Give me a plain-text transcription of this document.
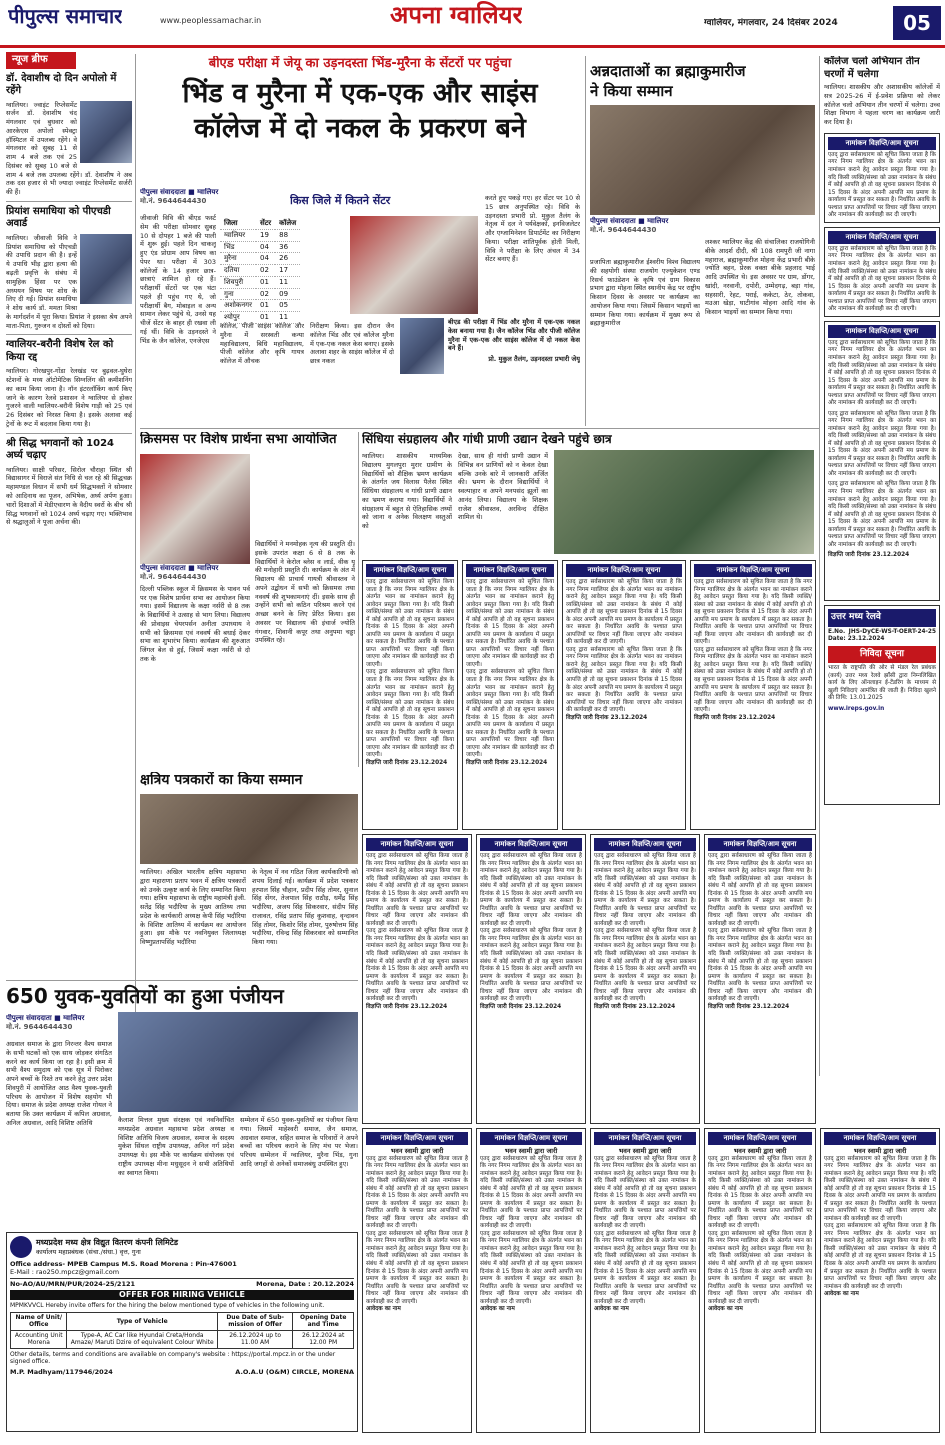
पीपुल्स समाचार	www.peoplessamachar.in	अपना ग्वालियर	ग्वालियर, मंगलवार, 24 दिसंबर 2024	05
न्यूज ब्रीफ
डॉ. देवाशीष दो दिन अपोलो में रहेंगे
ग्वालियर। ज्वाइंट रिप्लेसमेंट सर्जन डॉ. देवाशीष चंद मंगलवार एवं बुधवार को आरकेएस अपोलो स्पेक्ट्रा हॉस्पिटल में उपलब्ध रहेंगे। वे मंगलवार को सुबह 11 से शाम 4 बजे तक एवं 25 दिसंबर को सुबह 10 बजे से शाम 4 बजे तक उपलब्ध रहेंगे। डॉ. देवाशीष ने अब तक दस हजार से भी ज्यादा ज्वाइंट रिप्लेसमेंट सर्जरी की हैं।
प्रियांश समाधिया को पीएचडी अवार्ड
ग्वालियर। जीवाजी विवि ने प्रियांश समाधिया को पीएचडी की उपाधि प्रदान की है। इन्हें ये उपाधि भीड़ द्वारा हत्या की बढ़ती प्रवृत्ति के संबंध में सामुहिक हिंसा पर एक अध्ययन विषय पर शोध के लिए दी गई। प्रियांश समाधिया ने शोध कार्य डॉ. ममता मिश्रा के मार्गदर्शन में पूरा किया। प्रियांश ने इसका श्रेय अपने माता-पिता, गुरुजन व दोस्तों को दिया।
ग्वालियर-बरौनी विशेष रेल को किया रद्द
ग्वालियर। गोरखपुर-गोंडा रेलखंड पर बुढ़वल-घुघेरा स्टेशनों के मध्य ऑटोमेटिक सिग्नलिंग की कमीशनिंग का काम किया जाना है। नॉन इंटरलॉकिंग कार्य किए जाने के कारण रेलवे प्रशासन ने ग्वालियर से होकर गुजरने वाली ग्वालियर-बरौनी विशेष गाड़ी को 25 एवं 26 दिसंबर को निरस्त किया है। इसके अलावा कई ट्रेनों के रूट में बदलाव किया गया है।
श्री सिद्ध भगवानों को 1024 अर्घ्य चढ़ाए
ग्वालियर। साक्षी परिसर, सिरोल चौराहा स्थित श्री विद्यासागर में विराजे संत निधि से चल रहे श्री सिद्धचक्र महामण्डल विधान में सभी धर्म सिद्धभक्तों ने सोमवार को आदिनाथ का पूजन, अभिषेक, अर्घ्य अर्पण हुआ। चारों दिशाओं में मेडीएचारण के वैदीय स्वरों के बीच श्री सिद्ध भगवानों को 1024 अर्घ्य चढ़ाए गए। भक्तिभाव से श्रद्धालुओं ने पूजा अर्चना की।
बीएड परीक्षा में जेयू का उड़नदस्ता भिंड-मुरैना के सेंटरों पर पहुंचा
भिंड व मुरैना में एक-एक और साइंस
कॉलेज में दो नकल के प्रकरण बने
पीपुल्स संवाददाता ■ ग्वालियर
मो.नं. 9644644430	किस जिले में कितने सेंटर
जिला	सेंटर	कॉलेज
ग्वालियर	19	88
भिंड	04	36
मुरैना	04	26
दतिया	02	17
शिवपुरी	01	11
गुना	02	09
अशोकनगर	01	05
श्योपुर	01	11
जीवाजी विवि की बीएड फर्स्ट सेम की परीक्षा सोमवार सुबह 10 से दोपहर 1 बजे की पाली में शुरू हुई। पहले दिन चाकलू हुए एंड प्रोग्राम आप विषय का पेपर था। परीक्षा में 303 कॉलेजों के 14 हजार छात्र-छात्राएं शामिल हो रहे हैं। परीक्षार्थी सेंटरों पर एक घंटा पहले ही पहुंच गए थे, जो परीक्षार्थी बैग, मोबाइल व अन्य सामान लेकर पहुंचे थे, उनसे यह चीजें सेंटर के बाहर ही रखवा ली गई थीं। विवि के उड़नदस्ते ने भिंड के जैन कॉलेज, एनजेएस
कॉलेज, पीजी साइंस कॉलेज और मुरैना में सरस्वती कन्या महाविद्यालय, बिधि महाविद्यालय, पीजी कॉलेज और कृषि गायत्र कॉलेज में औचक
निरीक्षण किया। इस दौरान जैन कॉलेज भिंड और एवं कॉलेज मुरैना में एक-एक नकल केस बनाए। इसके अलावा शहर के साइंस कॉलेज में दो छात्र नकल
करते हुए पकड़े गए। हर सेंटर पर 10 से 15 छात्र अनुपस्थित रहे। विवि के उड़नदस्ता प्रभारी प्रो. मुकुल तैलंग के नेतृत्व में दल ने पर्यवेक्षकों, इनविजलेटर और एग्जामिनेशन डिपार्टमेंट का निरीक्षण किया। परीक्षा शांतिपूर्वक होती मिली, विवि ने परीक्षा के लिए अंचल में 34 सेंटर बनाए हैं।
बीएड की परीक्षा में भिंड और मुरैना में एक-एक नकल केस बनाया गया है। जैन कॉलेज भिंड और पीजी कॉलेज मुरैना में एक-एक और साइंस कॉलेज में दो नकल केस बने हैं।
प्रो. मुकुल तैलंग, उड़नदस्ता प्रभारी जेयू
अन्नदाताओं का ब्रह्माकुमारीज
ने किया सम्मान
पीपुल्स संवाददाता ■ ग्वालियर
मो.नं. 9644644430
प्रजापिता ब्रह्माकुमारीज ईश्वरीय विश्व विद्यालय की सहयोगी संस्था राजयोग एज्युकेशन एण्ड रिसर्च फाउंडेशन के कृषि एवं ग्राम विकास प्रभाग द्वारा मोहना स्थित स्थानीय केंद्र पर राष्ट्रीय किसान दिवस के अवसर पर कार्यक्रम का आयोजन किया गया। जिसमें किसान भाइयों का सम्मान किया गया। कार्यक्रम में मुख्य रूप से ब्रह्माकुमारीज
लश्कर ग्वालियर केंद्र की संचालिका राजयोगिनी बीके आदर्श दीदी, श्री 108 रामपुरी जी नागा महाराज, ब्रह्माकुमारीज मोहना केंद्र प्रभारी बीके ज्योति बहन, प्रेरक वक्ता बीके प्रहलाद भाई आदि उपस्थित थे। इस अवसर पर ग्राम, डोंगर, खांदी, नरवानी, दपोरी, उम्मेदगढ़, बड़ा गांव, सहसारी, रेहट, पराई, ककेटा, ठेर, तोकवा, मउआ खेड़ा, घाटीगांव मोहना आदि गांव के किसान भाइयों का सम्मान किया गया।
कॉलेज चलो अभियान तीन चरणों में चलेगा
ग्वालियर। शासकीय और अशासकीय कॉलेजों में सत्र 2025-26 में ई-प्रवेश प्रक्रिया को लेकर कॉलेज चलो अभियान तीन चरणों में चलेगा। उच्च शिक्षा विभाग ने पहला चरण का कार्यक्रम जारी कर दिया है।
नामांकन विज्ञप्ति/आम सूचना
एतद् द्वारा सर्वसाधारण को सूचित किया जाता है कि नगर निगम ग्वालियर क्षेत्र के अंतर्गत भवन का नामांकन कराने हेतु आवेदन प्रस्तुत किया गया है। यदि किसी व्यक्ति/संस्था को उक्त नामांकन के संबंध में कोई आपत्ति हो तो वह सूचना प्रकाशन दिनांक से 15 दिवस के अंदर अपनी आपत्ति मय प्रमाण के कार्यालय में प्रस्तुत कर सकता है। निर्धारित अवधि के पश्चात प्राप्त आपत्तियों पर विचार नहीं किया जाएगा और नामांकन की कार्यवाही कर दी जाएगी।
नामांकन विज्ञप्ति/आम सूचना
एतद् द्वारा सर्वसाधारण को सूचित किया जाता है कि नगर निगम ग्वालियर क्षेत्र के अंतर्गत भवन का नामांकन कराने हेतु आवेदन प्रस्तुत किया गया है। यदि किसी व्यक्ति/संस्था को उक्त नामांकन के संबंध में कोई आपत्ति हो तो वह सूचना प्रकाशन दिनांक से 15 दिवस के अंदर अपनी आपत्ति मय प्रमाण के कार्यालय में प्रस्तुत कर सकता है। निर्धारित अवधि के पश्चात प्राप्त आपत्तियों पर विचार नहीं किया जाएगा और नामांकन की कार्यवाही कर दी जाएगी।
नामांकन विज्ञप्ति/आम सूचना
एतद् द्वारा सर्वसाधारण को सूचित किया जाता है कि नगर निगम ग्वालियर क्षेत्र के अंतर्गत भवन का नामांकन कराने हेतु आवेदन प्रस्तुत किया गया है। यदि किसी व्यक्ति/संस्था को उक्त नामांकन के संबंध में कोई आपत्ति हो तो वह सूचना प्रकाशन दिनांक से 15 दिवस के अंदर अपनी आपत्ति मय प्रमाण के कार्यालय में प्रस्तुत कर सकता है। निर्धारित अवधि के पश्चात प्राप्त आपत्तियों पर विचार नहीं किया जाएगा और नामांकन की कार्यवाही कर दी जाएगी।
एतद् द्वारा सर्वसाधारण को सूचित किया जाता है कि नगर निगम ग्वालियर क्षेत्र के अंतर्गत भवन का नामांकन कराने हेतु आवेदन प्रस्तुत किया गया है। यदि किसी व्यक्ति/संस्था को उक्त नामांकन के संबंध में कोई आपत्ति हो तो वह सूचना प्रकाशन दिनांक से 15 दिवस के अंदर अपनी आपत्ति मय प्रमाण के कार्यालय में प्रस्तुत कर सकता है। निर्धारित अवधि के पश्चात प्राप्त आपत्तियों पर विचार नहीं किया जाएगा और नामांकन की कार्यवाही कर दी जाएगी।
एतद् द्वारा सर्वसाधारण को सूचित किया जाता है कि नगर निगम ग्वालियर क्षेत्र के अंतर्गत भवन का नामांकन कराने हेतु आवेदन प्रस्तुत किया गया है। यदि किसी व्यक्ति/संस्था को उक्त नामांकन के संबंध में कोई आपत्ति हो तो वह सूचना प्रकाशन दिनांक से 15 दिवस के अंदर अपनी आपत्ति मय प्रमाण के कार्यालय में प्रस्तुत कर सकता है। निर्धारित अवधि के पश्चात प्राप्त आपत्तियों पर विचार नहीं किया जाएगा और नामांकन की कार्यवाही कर दी जाएगी।
विज्ञप्ति जारी दिनांक 23.12.2024
उत्तर मध्य रेलवे
E.No. JHS-DyCE-WS-T-OERT-24-25 Date: 23.12.2024
निविदा सूचना
भारत के राष्ट्रपति की ओर से मंडल रेल प्रबंधक (कार्य) उत्तर मध्य रेलवे झाँसी द्वारा निम्नलिखित कार्य के लिए ऑनलाइन ई-टेंडरिंग के माध्यम से खुली निविदाएं आमंत्रित की जाती हैं। निविदा खुलने की तिथि: 13.01.2025
www.ireps.gov.in
क्रिसमस पर विशेष प्रार्थना सभा आयोजित
पीपुल्स संवाददाता ■ ग्वालियर
मो.नं. 9644644430
दिल्ली पब्लिक स्कूल में क्रिसमस के पावन पर्व पर एक विशेष प्रार्थना सभा का आयोजन किया गया। इसमें विद्यालय के कक्षा नर्सरी से 8 तक के विद्यार्थियों ने उत्साह से भाग लिया। विद्यालय की प्रोवाइस चेयरपर्सन अनीता उपाध्याय ने सभी को क्रिसमस एवं नववर्ष की बधाई देकर सभा का शुभारंभ किया। कार्यक्रम की शुरुआत जिंगल बेल से हुई, जिसमें कक्षा नर्सरी से दो तक के
विद्यार्थियों ने मनमोहक नृत्य की प्रस्तुति दी। इसके उपरांत कक्षा 6 से 8 तक के विद्यार्थियों ने केरोल ब्लेस व लार्ड, वीक यू की मनोहारी प्रस्तुति दी। कार्यक्रम के अंत में विद्यालय की प्राचार्य गायत्री श्रीवास्तव ने अपने उद्बोधन में सभी को क्रिसमस तथा नववर्ष की शुभकामनाएं दीं। इसके साथ ही उन्होंने सभी को कठिन परिश्रम करने एवं अच्छा बनने के लिए प्रेरित किया। इस अवसर पर विद्यालय की इंचार्ज ज्योति गंगवार, शिवानी कपूर तथा अनुपमा चड्डा उपस्थित रहे।
सिंधिया संग्रहालय और गांधी प्राणी उद्यान देखने पहुंचे छात्र
ग्वालियर। शासकीय माध्यमिक विद्यालय मुगलपुरा मुरार ग्रामीण के विद्यार्थियों को शैक्षिक भ्रमण कार्यक्रम के अंतर्गत जय विलास पैलेस स्थित सिंधिया संग्रहालय व गांधी प्राणी उद्यान का भ्रमण कराया गया। विद्यार्थियों ने संग्रहालय में बहुत से ऐतिहासिक तथ्यों को जाना व अनेक विलक्षण वस्तुओं को
देखा, साथ ही गांधी प्राणी उद्यान में विभिन्न वन प्राणियों को न केवल देखा बल्कि उनके बारे में जानकारी अर्जित की। भ्रमण के दौरान विद्यार्थियों ने स्वल्पाहार व अपने मनपसंद झूलों का आनंद लिया। विद्यालय के शिक्षक राजेश श्रीवास्तव, अरविन्द दीक्षित शामिल थे।
नामांकन विज्ञप्ति/आम सूचना
एतद् द्वारा सर्वसाधारण को सूचित किया जाता है कि नगर निगम ग्वालियर क्षेत्र के अंतर्गत भवन का नामांकन कराने हेतु आवेदन प्रस्तुत किया गया है। यदि किसी व्यक्ति/संस्था को उक्त नामांकन के संबंध में कोई आपत्ति हो तो वह सूचना प्रकाशन दिनांक से 15 दिवस के अंदर अपनी आपत्ति मय प्रमाण के कार्यालय में प्रस्तुत कर सकता है। निर्धारित अवधि के पश्चात प्राप्त आपत्तियों पर विचार नहीं किया जाएगा और नामांकन की कार्यवाही कर दी जाएगी।
एतद् द्वारा सर्वसाधारण को सूचित किया जाता है कि नगर निगम ग्वालियर क्षेत्र के अंतर्गत भवन का नामांकन कराने हेतु आवेदन प्रस्तुत किया गया है। यदि किसी व्यक्ति/संस्था को उक्त नामांकन के संबंध में कोई आपत्ति हो तो वह सूचना प्रकाशन दिनांक से 15 दिवस के अंदर अपनी आपत्ति मय प्रमाण के कार्यालय में प्रस्तुत कर सकता है। निर्धारित अवधि के पश्चात प्राप्त आपत्तियों पर विचार नहीं किया जाएगा और नामांकन की कार्यवाही कर दी जाएगी।
विज्ञप्ति जारी दिनांक 23.12.2024
नामांकन विज्ञप्ति/आम सूचना
एतद् द्वारा सर्वसाधारण को सूचित किया जाता है कि नगर निगम ग्वालियर क्षेत्र के अंतर्गत भवन का नामांकन कराने हेतु आवेदन प्रस्तुत किया गया है। यदि किसी व्यक्ति/संस्था को उक्त नामांकन के संबंध में कोई आपत्ति हो तो वह सूचना प्रकाशन दिनांक से 15 दिवस के अंदर अपनी आपत्ति मय प्रमाण के कार्यालय में प्रस्तुत कर सकता है। निर्धारित अवधि के पश्चात प्राप्त आपत्तियों पर विचार नहीं किया जाएगा और नामांकन की कार्यवाही कर दी जाएगी।
एतद् द्वारा सर्वसाधारण को सूचित किया जाता है कि नगर निगम ग्वालियर क्षेत्र के अंतर्गत भवन का नामांकन कराने हेतु आवेदन प्रस्तुत किया गया है। यदि किसी व्यक्ति/संस्था को उक्त नामांकन के संबंध में कोई आपत्ति हो तो वह सूचना प्रकाशन दिनांक से 15 दिवस के अंदर अपनी आपत्ति मय प्रमाण के कार्यालय में प्रस्तुत कर सकता है। निर्धारित अवधि के पश्चात प्राप्त आपत्तियों पर विचार नहीं किया जाएगा और नामांकन की कार्यवाही कर दी जाएगी।
विज्ञप्ति जारी दिनांक 23.12.2024
नामांकन विज्ञप्ति/आम सूचना
एतद् द्वारा सर्वसाधारण को सूचित किया जाता है कि नगर निगम ग्वालियर क्षेत्र के अंतर्गत भवन का नामांकन कराने हेतु आवेदन प्रस्तुत किया गया है। यदि किसी व्यक्ति/संस्था को उक्त नामांकन के संबंध में कोई आपत्ति हो तो वह सूचना प्रकाशन दिनांक से 15 दिवस के अंदर अपनी आपत्ति मय प्रमाण के कार्यालय में प्रस्तुत कर सकता है। निर्धारित अवधि के पश्चात प्राप्त आपत्तियों पर विचार नहीं किया जाएगा और नामांकन की कार्यवाही कर दी जाएगी।
एतद् द्वारा सर्वसाधारण को सूचित किया जाता है कि नगर निगम ग्वालियर क्षेत्र के अंतर्गत भवन का नामांकन कराने हेतु आवेदन प्रस्तुत किया गया है। यदि किसी व्यक्ति/संस्था को उक्त नामांकन के संबंध में कोई आपत्ति हो तो वह सूचना प्रकाशन दिनांक से 15 दिवस के अंदर अपनी आपत्ति मय प्रमाण के कार्यालय में प्रस्तुत कर सकता है। निर्धारित अवधि के पश्चात प्राप्त आपत्तियों पर विचार नहीं किया जाएगा और नामांकन की कार्यवाही कर दी जाएगी।
विज्ञप्ति जारी दिनांक 23.12.2024
नामांकन विज्ञप्ति/आम सूचना
एतद् द्वारा सर्वसाधारण को सूचित किया जाता है कि नगर निगम ग्वालियर क्षेत्र के अंतर्गत भवन का नामांकन कराने हेतु आवेदन प्रस्तुत किया गया है। यदि किसी व्यक्ति/संस्था को उक्त नामांकन के संबंध में कोई आपत्ति हो तो वह सूचना प्रकाशन दिनांक से 15 दिवस के अंदर अपनी आपत्ति मय प्रमाण के कार्यालय में प्रस्तुत कर सकता है। निर्धारित अवधि के पश्चात प्राप्त आपत्तियों पर विचार नहीं किया जाएगा और नामांकन की कार्यवाही कर दी जाएगी।
एतद् द्वारा सर्वसाधारण को सूचित किया जाता है कि नगर निगम ग्वालियर क्षेत्र के अंतर्गत भवन का नामांकन कराने हेतु आवेदन प्रस्तुत किया गया है। यदि किसी व्यक्ति/संस्था को उक्त नामांकन के संबंध में कोई आपत्ति हो तो वह सूचना प्रकाशन दिनांक से 15 दिवस के अंदर अपनी आपत्ति मय प्रमाण के कार्यालय में प्रस्तुत कर सकता है। निर्धारित अवधि के पश्चात प्राप्त आपत्तियों पर विचार नहीं किया जाएगा और नामांकन की कार्यवाही कर दी जाएगी।
विज्ञप्ति जारी दिनांक 23.12.2024
क्षत्रिय पत्रकारों का किया सम्मान
ग्वालियर। अखिल भारतीय क्षत्रिय महासभा द्वारा महाराणा प्रताप भवन में क्षत्रिय पत्रकारों को उनके उत्कृष्ट कार्य के लिए सम्मानित किया गया। क्षत्रिय महासभा के राष्ट्रीय महामंत्री इंजी. सतेंद्र सिंह भदौरिया के मुख्य आतिथ्य तथा प्रदेश के कार्यकारी अध्यक्ष केपी सिंह भदौरिया के विशिष्ट आतिथ्य में कार्यक्रम का आयोजन हुआ। इस मौके पर नवनियुक्त जिलाध्यक्ष विष्णुप्रतापसिंह भदौरिया
के नेतृत्व में नव गठित जिला कार्यकारिणी को शपथ दिलाई गई। कार्यक्रम में प्रदेश पत्रकार हरपाल सिंह चौहान, प्रदीप सिंह तोमर, सुनाल सिंह सेंगर, तेजपाल सिंह राठौड़, धर्मेंद्र सिंह भदौरिया, अजय सिंह सिकरवार, संदीप सिंह राजावत, रविंद्र प्रताप सिंह कुशवाह, वृन्दावन सिंह तोमर, किशोर सिंह तोमर, पुरुषोत्तम सिंह भदौरिया, रविन्द्र सिंह सिकरवार को सम्मानित किया गया।
नामांकन विज्ञप्ति/आम सूचना
एतद् द्वारा सर्वसाधारण को सूचित किया जाता है कि नगर निगम ग्वालियर क्षेत्र के अंतर्गत भवन का नामांकन कराने हेतु आवेदन प्रस्तुत किया गया है। यदि किसी व्यक्ति/संस्था को उक्त नामांकन के संबंध में कोई आपत्ति हो तो वह सूचना प्रकाशन दिनांक से 15 दिवस के अंदर अपनी आपत्ति मय प्रमाण के कार्यालय में प्रस्तुत कर सकता है। निर्धारित अवधि के पश्चात प्राप्त आपत्तियों पर विचार नहीं किया जाएगा और नामांकन की कार्यवाही कर दी जाएगी।
एतद् द्वारा सर्वसाधारण को सूचित किया जाता है कि नगर निगम ग्वालियर क्षेत्र के अंतर्गत भवन का नामांकन कराने हेतु आवेदन प्रस्तुत किया गया है। यदि किसी व्यक्ति/संस्था को उक्त नामांकन के संबंध में कोई आपत्ति हो तो वह सूचना प्रकाशन दिनांक से 15 दिवस के अंदर अपनी आपत्ति मय प्रमाण के कार्यालय में प्रस्तुत कर सकता है। निर्धारित अवधि के पश्चात प्राप्त आपत्तियों पर विचार नहीं किया जाएगा और नामांकन की कार्यवाही कर दी जाएगी।
विज्ञप्ति जारी दिनांक 23.12.2024
नामांकन विज्ञप्ति/आम सूचना
एतद् द्वारा सर्वसाधारण को सूचित किया जाता है कि नगर निगम ग्वालियर क्षेत्र के अंतर्गत भवन का नामांकन कराने हेतु आवेदन प्रस्तुत किया गया है। यदि किसी व्यक्ति/संस्था को उक्त नामांकन के संबंध में कोई आपत्ति हो तो वह सूचना प्रकाशन दिनांक से 15 दिवस के अंदर अपनी आपत्ति मय प्रमाण के कार्यालय में प्रस्तुत कर सकता है। निर्धारित अवधि के पश्चात प्राप्त आपत्तियों पर विचार नहीं किया जाएगा और नामांकन की कार्यवाही कर दी जाएगी।
एतद् द्वारा सर्वसाधारण को सूचित किया जाता है कि नगर निगम ग्वालियर क्षेत्र के अंतर्गत भवन का नामांकन कराने हेतु आवेदन प्रस्तुत किया गया है। यदि किसी व्यक्ति/संस्था को उक्त नामांकन के संबंध में कोई आपत्ति हो तो वह सूचना प्रकाशन दिनांक से 15 दिवस के अंदर अपनी आपत्ति मय प्रमाण के कार्यालय में प्रस्तुत कर सकता है। निर्धारित अवधि के पश्चात प्राप्त आपत्तियों पर विचार नहीं किया जाएगा और नामांकन की कार्यवाही कर दी जाएगी।
विज्ञप्ति जारी दिनांक 23.12.2024
नामांकन विज्ञप्ति/आम सूचना
एतद् द्वारा सर्वसाधारण को सूचित किया जाता है कि नगर निगम ग्वालियर क्षेत्र के अंतर्गत भवन का नामांकन कराने हेतु आवेदन प्रस्तुत किया गया है। यदि किसी व्यक्ति/संस्था को उक्त नामांकन के संबंध में कोई आपत्ति हो तो वह सूचना प्रकाशन दिनांक से 15 दिवस के अंदर अपनी आपत्ति मय प्रमाण के कार्यालय में प्रस्तुत कर सकता है। निर्धारित अवधि के पश्चात प्राप्त आपत्तियों पर विचार नहीं किया जाएगा और नामांकन की कार्यवाही कर दी जाएगी।
एतद् द्वारा सर्वसाधारण को सूचित किया जाता है कि नगर निगम ग्वालियर क्षेत्र के अंतर्गत भवन का नामांकन कराने हेतु आवेदन प्रस्तुत किया गया है। यदि किसी व्यक्ति/संस्था को उक्त नामांकन के संबंध में कोई आपत्ति हो तो वह सूचना प्रकाशन दिनांक से 15 दिवस के अंदर अपनी आपत्ति मय प्रमाण के कार्यालय में प्रस्तुत कर सकता है। निर्धारित अवधि के पश्चात प्राप्त आपत्तियों पर विचार नहीं किया जाएगा और नामांकन की कार्यवाही कर दी जाएगी।
विज्ञप्ति जारी दिनांक 23.12.2024
नामांकन विज्ञप्ति/आम सूचना
एतद् द्वारा सर्वसाधारण को सूचित किया जाता है कि नगर निगम ग्वालियर क्षेत्र के अंतर्गत भवन का नामांकन कराने हेतु आवेदन प्रस्तुत किया गया है। यदि किसी व्यक्ति/संस्था को उक्त नामांकन के संबंध में कोई आपत्ति हो तो वह सूचना प्रकाशन दिनांक से 15 दिवस के अंदर अपनी आपत्ति मय प्रमाण के कार्यालय में प्रस्तुत कर सकता है। निर्धारित अवधि के पश्चात प्राप्त आपत्तियों पर विचार नहीं किया जाएगा और नामांकन की कार्यवाही कर दी जाएगी।
एतद् द्वारा सर्वसाधारण को सूचित किया जाता है कि नगर निगम ग्वालियर क्षेत्र के अंतर्गत भवन का नामांकन कराने हेतु आवेदन प्रस्तुत किया गया है। यदि किसी व्यक्ति/संस्था को उक्त नामांकन के संबंध में कोई आपत्ति हो तो वह सूचना प्रकाशन दिनांक से 15 दिवस के अंदर अपनी आपत्ति मय प्रमाण के कार्यालय में प्रस्तुत कर सकता है। निर्धारित अवधि के पश्चात प्राप्त आपत्तियों पर विचार नहीं किया जाएगा और नामांकन की कार्यवाही कर दी जाएगी।
विज्ञप्ति जारी दिनांक 23.12.2024
650 युवक-युवतियों का हुआ पंजीयन
पीपुल्स संवाददाता ■ ग्वालियर
मो.नं. 9644644430
अग्रवाल समाज के द्वारा निरन्तर वैश्य समाज के सभी घटकों को एक साथ जोड़कर संगठित करने का कार्य किया जा रहा है। इसी क्रम में सभी वैश्य समुदाय को एक सूत्र में पिरोकर अपने बच्चों के रिश्ते तय करने हेतु उत्तर प्रदेश शिवपुरी में आयोजित आठ वैश्य युवक-युवती परिचय के आयोजन में विशेष सहयोग भी दिया। समाज के प्रदेश अध्यक्ष राजेश गोयल ने बताया कि उक्त कार्यक्रम में कपिल अग्रवाल, अनिल अग्रवाल, आदि विशिष्ट अतिथि	कैलाश मित्तल मुख्य संरक्षक एवं नवनिर्वाचित मध्यप्रदेश अग्रवाल महासभा प्रदेश अध्यक्ष व विशिष्ट अतिथि विजय अग्रवाल, समाज के सदस्य मुकेश सिंघल राष्ट्रीय उपाध्यक्ष, अनिल गर्ग प्रदेश उपाध्यक्ष थे। इस मौके पर कार्यक्रम संयोजक एवं राष्ट्रीय उपाध्यक्ष मीना मधुसूदन ने सभी अतिथियों का स्वागत किया।
सम्मेलन में 650 युवक-युवतियों का पंजीयन किया गया। जिसमें माहेश्वरी समाज, जैन समाज, अग्रवाल समाज, सहित समाज के परिवारों ने अपने बच्चों का परिचय कराने के लिए मंच पर भेजा। परिचय सम्मेलन में ग्वालियर, मुरैना भिंड, गुना आदि जगहों से अनेकों समाजबंधु उपस्थित हुए।
मध्यप्रदेश मध्य क्षेत्र विद्युत वितरण कंपनी लिमिटेड
कार्यालय महाप्रबंधक (संचा./संधा.) वृत्त, गुना
Office address- MPEB Campus M.S. Road Morena : Pin-476001
E-Mail : rao250.mpcz@gmail.com
No-AO/AU/MRN/PUR/2024-25/2121	Morena, Date : 20.12.2024
OFFER FOR HIRING VEHICLE
MPMKVVCL Hereby invite offers for the hiring the below mentioned type of vehicles in the following unit.
Name of Unit/ Office	Type of Vehicle	Due Date of Sub-mission of Offer	Opening Date and Time
Accounting Unit Morena	Type-A, AC Car like Hyundai Creta/Honda Amaze/ Maruti Dzire of equivalent Colour White	26.12.2024 up to 11.00 AM	26.12.2024 at 12.00 PM
Other details, terms and conditions are available on company's website : https://portal.mpcz.in or the under signed office.
M.P. Madhyam/117946/2024	A.O.A.U (O&M) CIRCLE, MORENA
नामांकन विज्ञप्ति/आम सूचना
भवन स्वामी द्वारा जारी
एतद् द्वारा सर्वसाधारण को सूचित किया जाता है कि नगर निगम ग्वालियर क्षेत्र के अंतर्गत भवन का नामांकन कराने हेतु आवेदन प्रस्तुत किया गया है। यदि किसी व्यक्ति/संस्था को उक्त नामांकन के संबंध में कोई आपत्ति हो तो वह सूचना प्रकाशन दिनांक से 15 दिवस के अंदर अपनी आपत्ति मय प्रमाण के कार्यालय में प्रस्तुत कर सकता है। निर्धारित अवधि के पश्चात प्राप्त आपत्तियों पर विचार नहीं किया जाएगा और नामांकन की कार्यवाही कर दी जाएगी।
एतद् द्वारा सर्वसाधारण को सूचित किया जाता है कि नगर निगम ग्वालियर क्षेत्र के अंतर्गत भवन का नामांकन कराने हेतु आवेदन प्रस्तुत किया गया है। यदि किसी व्यक्ति/संस्था को उक्त नामांकन के संबंध में कोई आपत्ति हो तो वह सूचना प्रकाशन दिनांक से 15 दिवस के अंदर अपनी आपत्ति मय प्रमाण के कार्यालय में प्रस्तुत कर सकता है। निर्धारित अवधि के पश्चात प्राप्त आपत्तियों पर विचार नहीं किया जाएगा और नामांकन की कार्यवाही कर दी जाएगी।
आवेदक का नाम
नामांकन विज्ञप्ति/आम सूचना
भवन स्वामी द्वारा जारी
एतद् द्वारा सर्वसाधारण को सूचित किया जाता है कि नगर निगम ग्वालियर क्षेत्र के अंतर्गत भवन का नामांकन कराने हेतु आवेदन प्रस्तुत किया गया है। यदि किसी व्यक्ति/संस्था को उक्त नामांकन के संबंध में कोई आपत्ति हो तो वह सूचना प्रकाशन दिनांक से 15 दिवस के अंदर अपनी आपत्ति मय प्रमाण के कार्यालय में प्रस्तुत कर सकता है। निर्धारित अवधि के पश्चात प्राप्त आपत्तियों पर विचार नहीं किया जाएगा और नामांकन की कार्यवाही कर दी जाएगी।
एतद् द्वारा सर्वसाधारण को सूचित किया जाता है कि नगर निगम ग्वालियर क्षेत्र के अंतर्गत भवन का नामांकन कराने हेतु आवेदन प्रस्तुत किया गया है। यदि किसी व्यक्ति/संस्था को उक्त नामांकन के संबंध में कोई आपत्ति हो तो वह सूचना प्रकाशन दिनांक से 15 दिवस के अंदर अपनी आपत्ति मय प्रमाण के कार्यालय में प्रस्तुत कर सकता है। निर्धारित अवधि के पश्चात प्राप्त आपत्तियों पर विचार नहीं किया जाएगा और नामांकन की कार्यवाही कर दी जाएगी।
आवेदक का नाम
नामांकन विज्ञप्ति/आम सूचना
भवन स्वामी द्वारा जारी
एतद् द्वारा सर्वसाधारण को सूचित किया जाता है कि नगर निगम ग्वालियर क्षेत्र के अंतर्गत भवन का नामांकन कराने हेतु आवेदन प्रस्तुत किया गया है। यदि किसी व्यक्ति/संस्था को उक्त नामांकन के संबंध में कोई आपत्ति हो तो वह सूचना प्रकाशन दिनांक से 15 दिवस के अंदर अपनी आपत्ति मय प्रमाण के कार्यालय में प्रस्तुत कर सकता है। निर्धारित अवधि के पश्चात प्राप्त आपत्तियों पर विचार नहीं किया जाएगा और नामांकन की कार्यवाही कर दी जाएगी।
एतद् द्वारा सर्वसाधारण को सूचित किया जाता है कि नगर निगम ग्वालियर क्षेत्र के अंतर्गत भवन का नामांकन कराने हेतु आवेदन प्रस्तुत किया गया है। यदि किसी व्यक्ति/संस्था को उक्त नामांकन के संबंध में कोई आपत्ति हो तो वह सूचना प्रकाशन दिनांक से 15 दिवस के अंदर अपनी आपत्ति मय प्रमाण के कार्यालय में प्रस्तुत कर सकता है। निर्धारित अवधि के पश्चात प्राप्त आपत्तियों पर विचार नहीं किया जाएगा और नामांकन की कार्यवाही कर दी जाएगी।
आवेदक का नाम
नामांकन विज्ञप्ति/आम सूचना
भवन स्वामी द्वारा जारी
एतद् द्वारा सर्वसाधारण को सूचित किया जाता है कि नगर निगम ग्वालियर क्षेत्र के अंतर्गत भवन का नामांकन कराने हेतु आवेदन प्रस्तुत किया गया है। यदि किसी व्यक्ति/संस्था को उक्त नामांकन के संबंध में कोई आपत्ति हो तो वह सूचना प्रकाशन दिनांक से 15 दिवस के अंदर अपनी आपत्ति मय प्रमाण के कार्यालय में प्रस्तुत कर सकता है। निर्धारित अवधि के पश्चात प्राप्त आपत्तियों पर विचार नहीं किया जाएगा और नामांकन की कार्यवाही कर दी जाएगी।
एतद् द्वारा सर्वसाधारण को सूचित किया जाता है कि नगर निगम ग्वालियर क्षेत्र के अंतर्गत भवन का नामांकन कराने हेतु आवेदन प्रस्तुत किया गया है। यदि किसी व्यक्ति/संस्था को उक्त नामांकन के संबंध में कोई आपत्ति हो तो वह सूचना प्रकाशन दिनांक से 15 दिवस के अंदर अपनी आपत्ति मय प्रमाण के कार्यालय में प्रस्तुत कर सकता है। निर्धारित अवधि के पश्चात प्राप्त आपत्तियों पर विचार नहीं किया जाएगा और नामांकन की कार्यवाही कर दी जाएगी।
आवेदक का नाम
नामांकन विज्ञप्ति/आम सूचना
भवन स्वामी द्वारा जारी
एतद् द्वारा सर्वसाधारण को सूचित किया जाता है कि नगर निगम ग्वालियर क्षेत्र के अंतर्गत भवन का नामांकन कराने हेतु आवेदन प्रस्तुत किया गया है। यदि किसी व्यक्ति/संस्था को उक्त नामांकन के संबंध में कोई आपत्ति हो तो वह सूचना प्रकाशन दिनांक से 15 दिवस के अंदर अपनी आपत्ति मय प्रमाण के कार्यालय में प्रस्तुत कर सकता है। निर्धारित अवधि के पश्चात प्राप्त आपत्तियों पर विचार नहीं किया जाएगा और नामांकन की कार्यवाही कर दी जाएगी।
एतद् द्वारा सर्वसाधारण को सूचित किया जाता है कि नगर निगम ग्वालियर क्षेत्र के अंतर्गत भवन का नामांकन कराने हेतु आवेदन प्रस्तुत किया गया है। यदि किसी व्यक्ति/संस्था को उक्त नामांकन के संबंध में कोई आपत्ति हो तो वह सूचना प्रकाशन दिनांक से 15 दिवस के अंदर अपनी आपत्ति मय प्रमाण के कार्यालय में प्रस्तुत कर सकता है। निर्धारित अवधि के पश्चात प्राप्त आपत्तियों पर विचार नहीं किया जाएगा और नामांकन की कार्यवाही कर दी जाएगी।
आवेदक का नाम
